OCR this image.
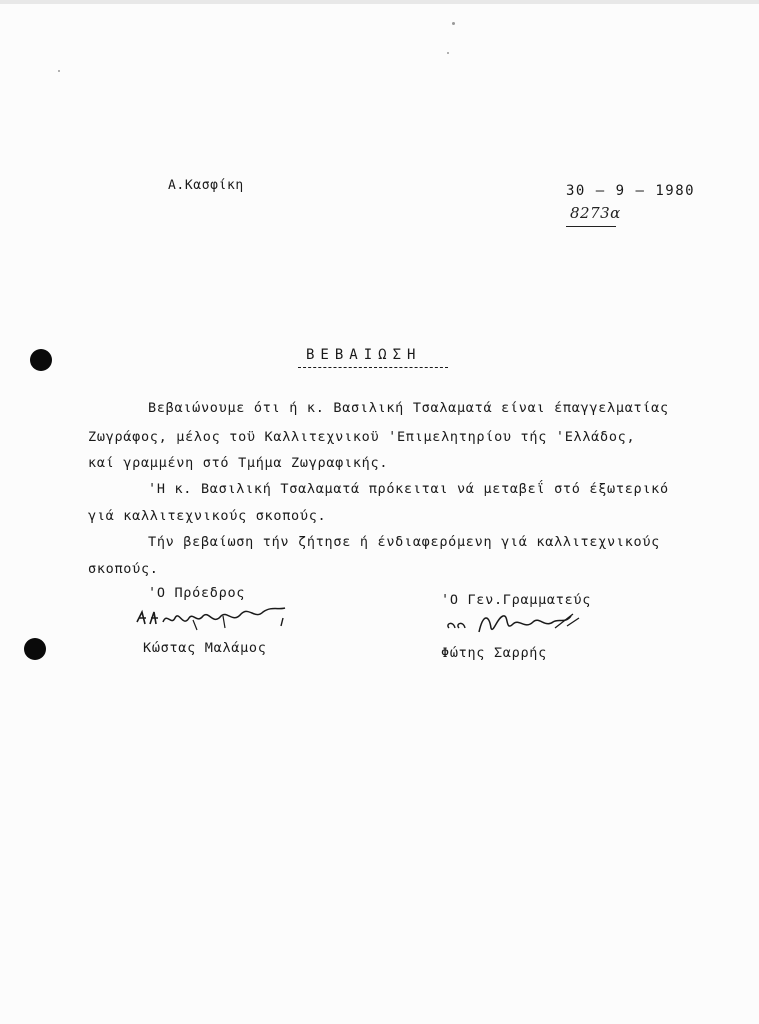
Α.Κασφίκη	30 – 9 – 1980
8273α
ΒΕΒΑΙΩΣΗ
Βεβαιώνουμε ότι ή κ. Βασιλική Τσαλαματά είναι έπαγγελματίας
Ζωγράφος, μέλος τοϋ Καλλιτεχνικοϋ 'Επιμελητηρίου τής 'Ελλάδος,
καί γραμμένη στό Τμήμα Ζωγραφικής.
'Η κ. Βασιλική Τσαλαματά πρόκειται νά μεταβεΐ στό έξωτερικό
γιά καλλιτεχνικούς σκοπούς.
Τήν βεβαίωση τήν ζήτησε ή ένδιαφερόμενη γιά καλλιτεχνικούς
σκοπούς.
'Ο Πρόεδρος
Κώστας Μαλάμος
'Ο Γεν.Γραμματεύς
Φώτης Σαρρής
